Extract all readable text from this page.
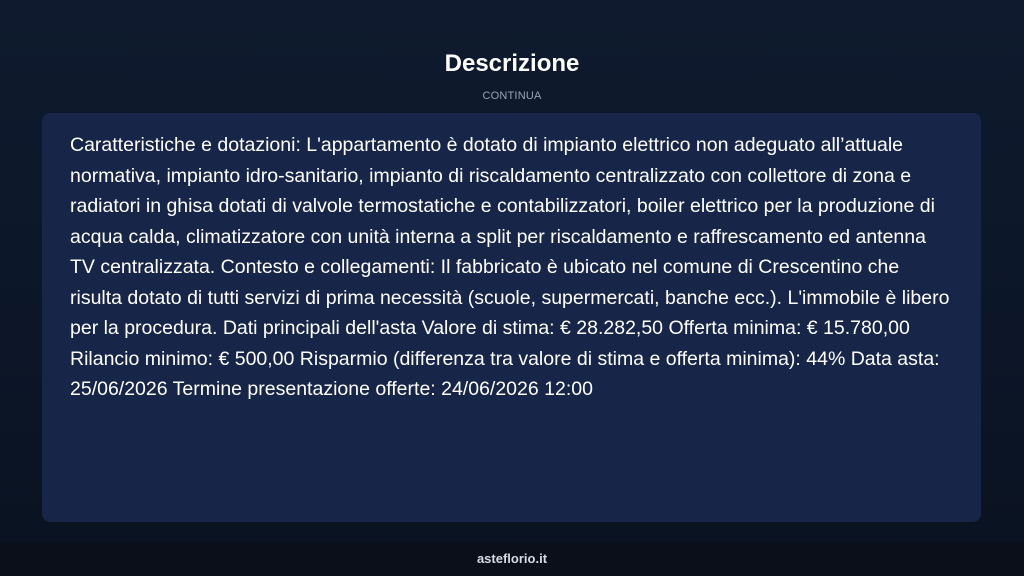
Descrizione
CONTINUA

Caratteristiche e dotazioni: L'appartamento è dotato di impianto elettrico non adeguato all’attuale normativa, impianto idro-sanitario, impianto di riscaldamento centralizzato con collettore di zona e radiatori in ghisa dotati di valvole termostatiche e contabilizzatori, boiler elettrico per la produzione di acqua calda, climatizzatore con unità interna a split per riscaldamento e raffrescamento ed antenna TV centralizzata. Contesto e collegamenti: Il fabbricato è ubicato nel comune di Crescentino che risulta dotato di tutti servizi di prima necessità (scuole, supermercati, banche ecc.). L'immobile è libero per la procedura. Dati principali dell'asta Valore di stima: € 28.282,50 Offerta minima: € 15.780,00 Rilancio minimo: € 500,00 Risparmio (differenza tra valore di stima e offerta minima): 44% Data asta: 25/06/2026 Termine presentazione offerte: 24/06/2026 12:00

asteflorio.it
